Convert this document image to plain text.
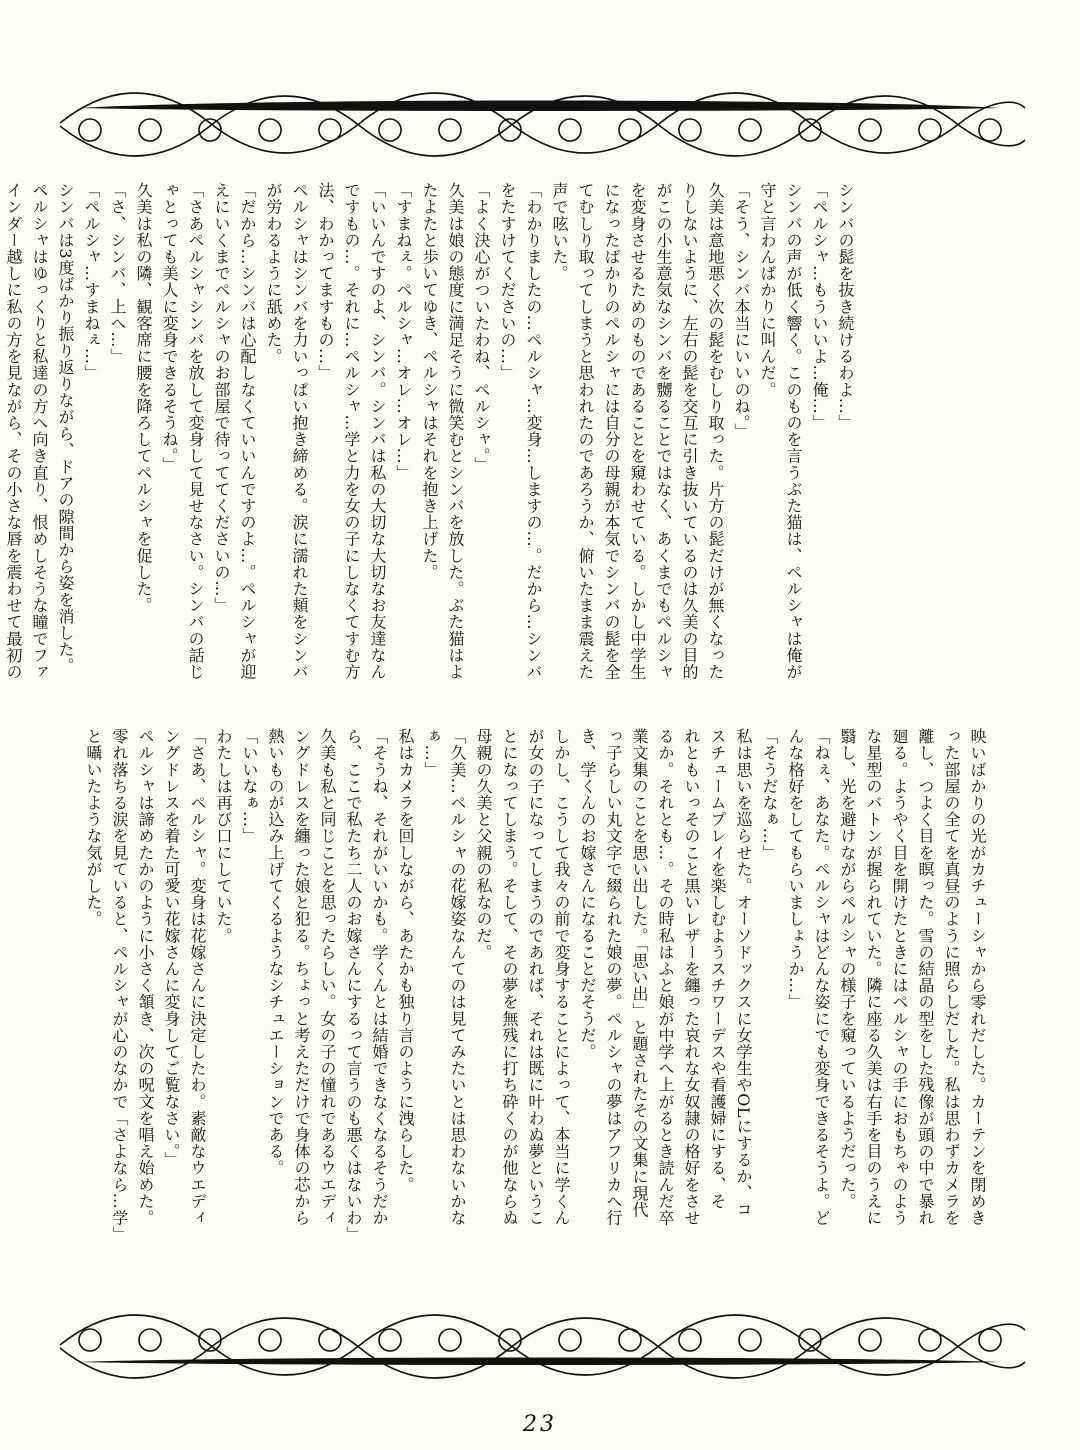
シンバの髭を抜き続けるわよ…」

「ペルシャ…もういいよ…俺…」

シンバの声が低く響く。このものを言うぶた猫は、ペルシャは俺が

守と言わんばかりに叫んだ。

「そう、シンバ本当にいいのね。」

久美は意地悪く次の髭をむしり取った。片方の髭だけが無くなった

りしないように、左右の髭を交互に引き抜いているのは久美の目的

がこの小生意気なシンバを嬲ることではなく、あくまでもペルシャ

を変身させるためのものであることを窺わせている。しかし中学生

になったばかりのペルシャには自分の母親が本気でシンバの髭を全

てむしり取ってしまうと思われたのであろうか、俯いたまま震えた

声で呟いた。

「わかりましたの…ペルシャ…変身…しますの…。だから…シンバ

をたすけてくださいの…」

「よく決心がついたわね、ペルシャ。」

久美は娘の態度に満足そうに微笑むとシンバを放した。ぶた猫はよ

たよたと歩いてゆき、ペルシャはそれを抱き上げた。

「すまねぇ。ペルシャ…オレ…オレ…」

「いいんですのよ、シンバ。シンバは私の大切な大切なお友達なん

ですもの…。それに…ペルシャ…学と力を女の子にしなくてすむ方

法、わかってますもの…」

ペルシャはシンバを力いっぱい抱き締める。涙に濡れた頬をシンバ

が労わるように舐めた。

「だから…シンバは心配しなくていいんですのよ…。ペルシャが迎

えにいくまでペルシャのお部屋で待っててくださいの…」

「さあペルシャシンバを放して変身して見せなさい。シンバの話じ

ゃとっても美人に変身できるそうね。」

久美は私の隣、観客席に腰を降ろしてペルシャを促した。

「さ、シンバ、上へ…」

「ペルシャ…すまねぇ…」

シンバは3度ばかり振り返りながら、ドアの隙間から姿を消した。

ペルシャはゆっくりと私達の方へ向き直り、恨めしそうな瞳でファ

インダー越しに私の方を見ながら、その小さな唇を震わせて最初の

映いばかりの光がカチューシャから零れだした。カーテンを閉めき

った部屋の全てを真昼のように照らしだした。私は思わずカメラを

離し、つよく目を瞑った。雪の結晶の型をした残像が頭の中で暴れ

廻る。ようやく目を開けたときにはペルシャの手におもちゃのよう

な星型のバトンが握られていた。隣に座る久美は右手を目のうえに

翳し、光を避けながらペルシャの様子を窺っているようだった。

「ねぇ、あなた。ペルシャはどんな姿にでも変身できるそうよ。ど

んな格好をしてもらいましょうか…」

「そうだなぁ…」

私は思いを巡らせた。オーソドックスに女学生やOLにするか、コ

スチュームプレイを楽しむようスチワーデスや看護婦にする、そ

れともいっそのこと黒いレザーを纏った哀れな女奴隷の格好をさせ

るか。それとも…。その時私はふと娘が中学へ上がるとき読んだ卒

業文集のことを思い出した。「思い出」と題されたその文集に現代

っ子らしい丸文字で綴られた娘の夢。ペルシャの夢はアフリカへ行

き、学くんのお嫁さんになることだそうだ。

しかし、こうして我々の前で変身することによって、本当に学くん

が女の子になってしまうのであれば、それは既に叶わぬ夢というこ

とになってしまう。そして、その夢を無残に打ち砕くのが他ならぬ

母親の久美と父親の私なのだ。

「久美…ペルシャの花嫁姿なんてのは見てみたいとは思わないかな

ぁ…」

私はカメラを回しながら、あたかも独り言のように洩らした。

「そうね、それがいいかも。学くんとは結婚できなくなるそうだか

ら、ここで私たち二人のお嫁さんにするって言うのも悪くはないわ」

久美も私と同じことを思ったらしい。女の子の憧れであるウエディ

ングドレスを纏った娘と犯る。ちょっと考えただけで身体の芯から

熱いものが込み上げてくるようなシチュエーションである。

「いいなぁ…」

わたしは再び口にしていた。

「さあ、ペルシャ。変身は花嫁さんに決定したわ。素敵なウエディ

ングドレスを着た可愛い花嫁さんに変身してご覧なさい。」

ペルシャは諦めたかのように小さく頷き、次の呪文を唱え始めた。

零れ落ちる涙を見ていると、ペルシャが心のなかで「さよなら…学」

と囁いたような気がした。

23
